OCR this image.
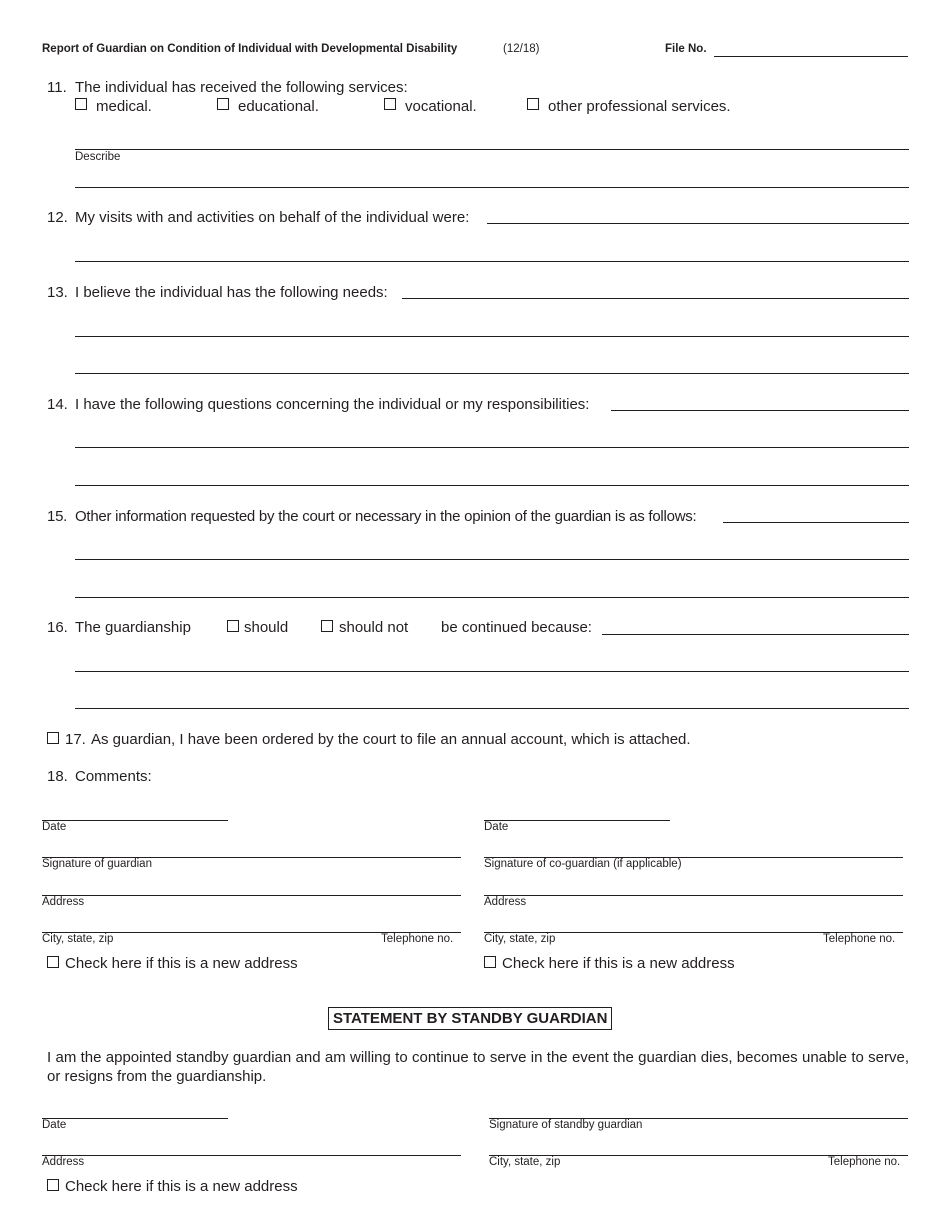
Report of Guardian on Condition of Individual with Developmental Disability	(12/18)	File No.
11. The individual has received the following services:
medical.	educational.	vocational.	other professional services.
Describe
12. My visits with and activities on behalf of the individual were:
13. I believe the individual has the following needs:
14. I have the following questions concerning the individual or my responsibilities:
15. Other information requested by the court or necessary in the opinion of the guardian is as follows:
16. The guardianship	should	should not be continued because:
17. As guardian, I have been ordered by the court to file an annual account, which is attached.
18. Comments:
Date
Signature of guardian
Address
City, state, zip	Telephone no.
Check here if this is a new address
Date
Signature of co-guardian (if applicable)
Address
City, state, zip	Telephone no.
Check here if this is a new address
STATEMENT BY STANDBY GUARDIAN
I am the appointed standby guardian and am willing to continue to serve in the event the guardian dies, becomes unable to serve, or resigns from the guardianship.
Date	Signature of standby guardian
Address	City, state, zip	Telephone no.
Check here if this is a new address
